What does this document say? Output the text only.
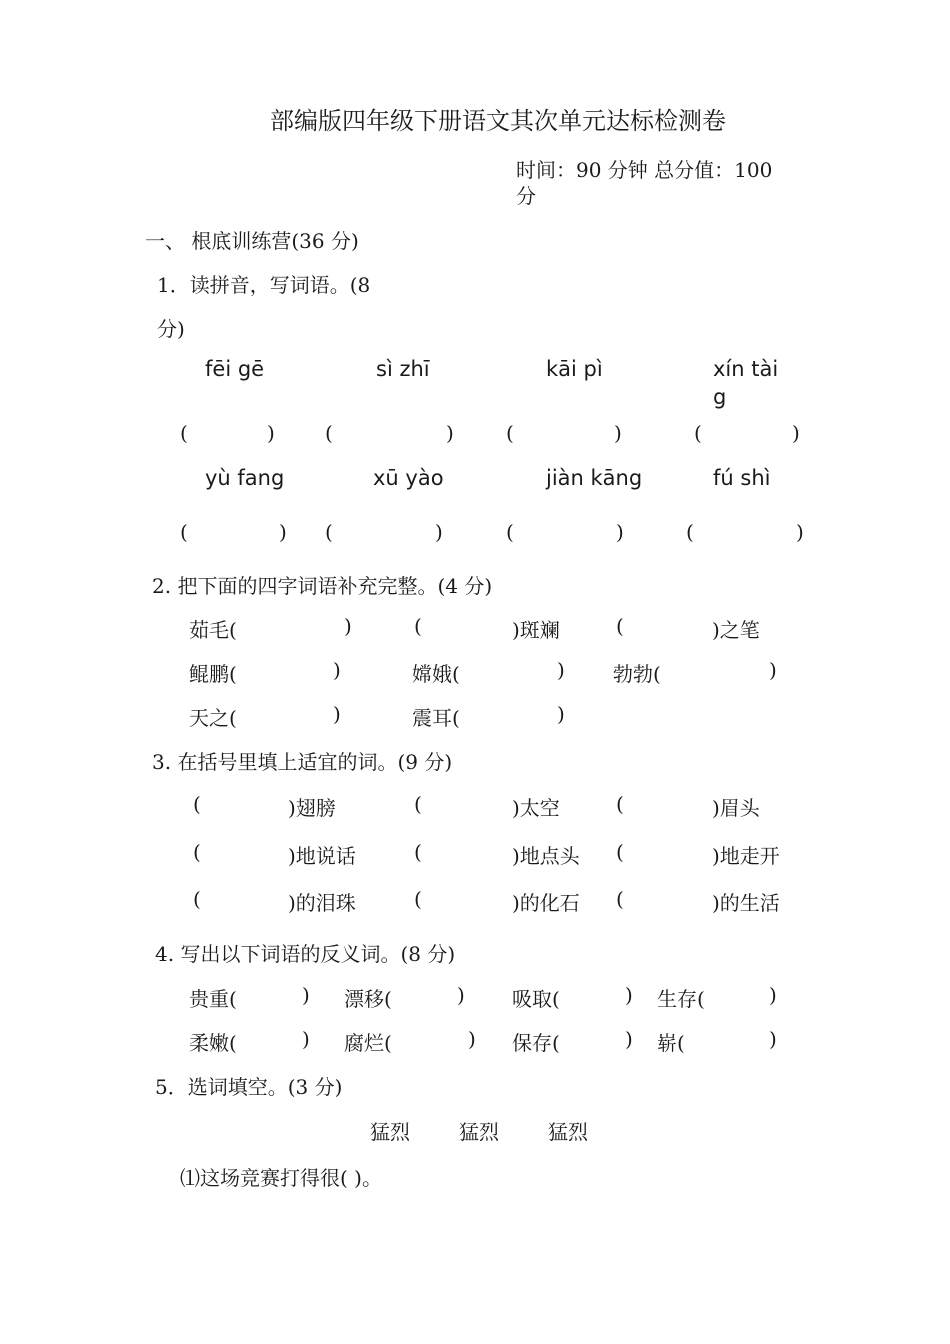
部编版四年级下册语文其次单元达标检测卷
时间：90 分钟 总分值：100
分
一、 根底训练营(36 分)
1．读拼音，写词语。(8
分)
fēi gē	sì zhī	kāi pì	xín tài
g
(	)	(	)	(	)	(	)
yù fang	xū yào	jiàn kāng	fú shì
(	) (	)	(	)	(	)
2. 把下面的四字词语补充完整。(4 分)
茹毛(	)	(	)斑斓	(	)之笔
鲲鹏(	)	嫦娥(	) 勃勃(	)
天之(	)	震耳(	)
3. 在括号里填上适宜的词。(9 分)
(	)翅膀	(	)太空	(	)眉头
(	)地说话	(	)地点头 (	)地走开
(	)的泪珠	(	)的化石 (	)的生活
4. 写出以下词语的反义词。(8 分)
贵重(	) 漂移(	) 吸取(	) 生存(	)
柔嫩(	) 腐烂(	) 保存(	) 崭(	)
5．选词填空。(3 分)
猛烈 猛烈 猛烈
⑴这场竞赛打得很( )。
